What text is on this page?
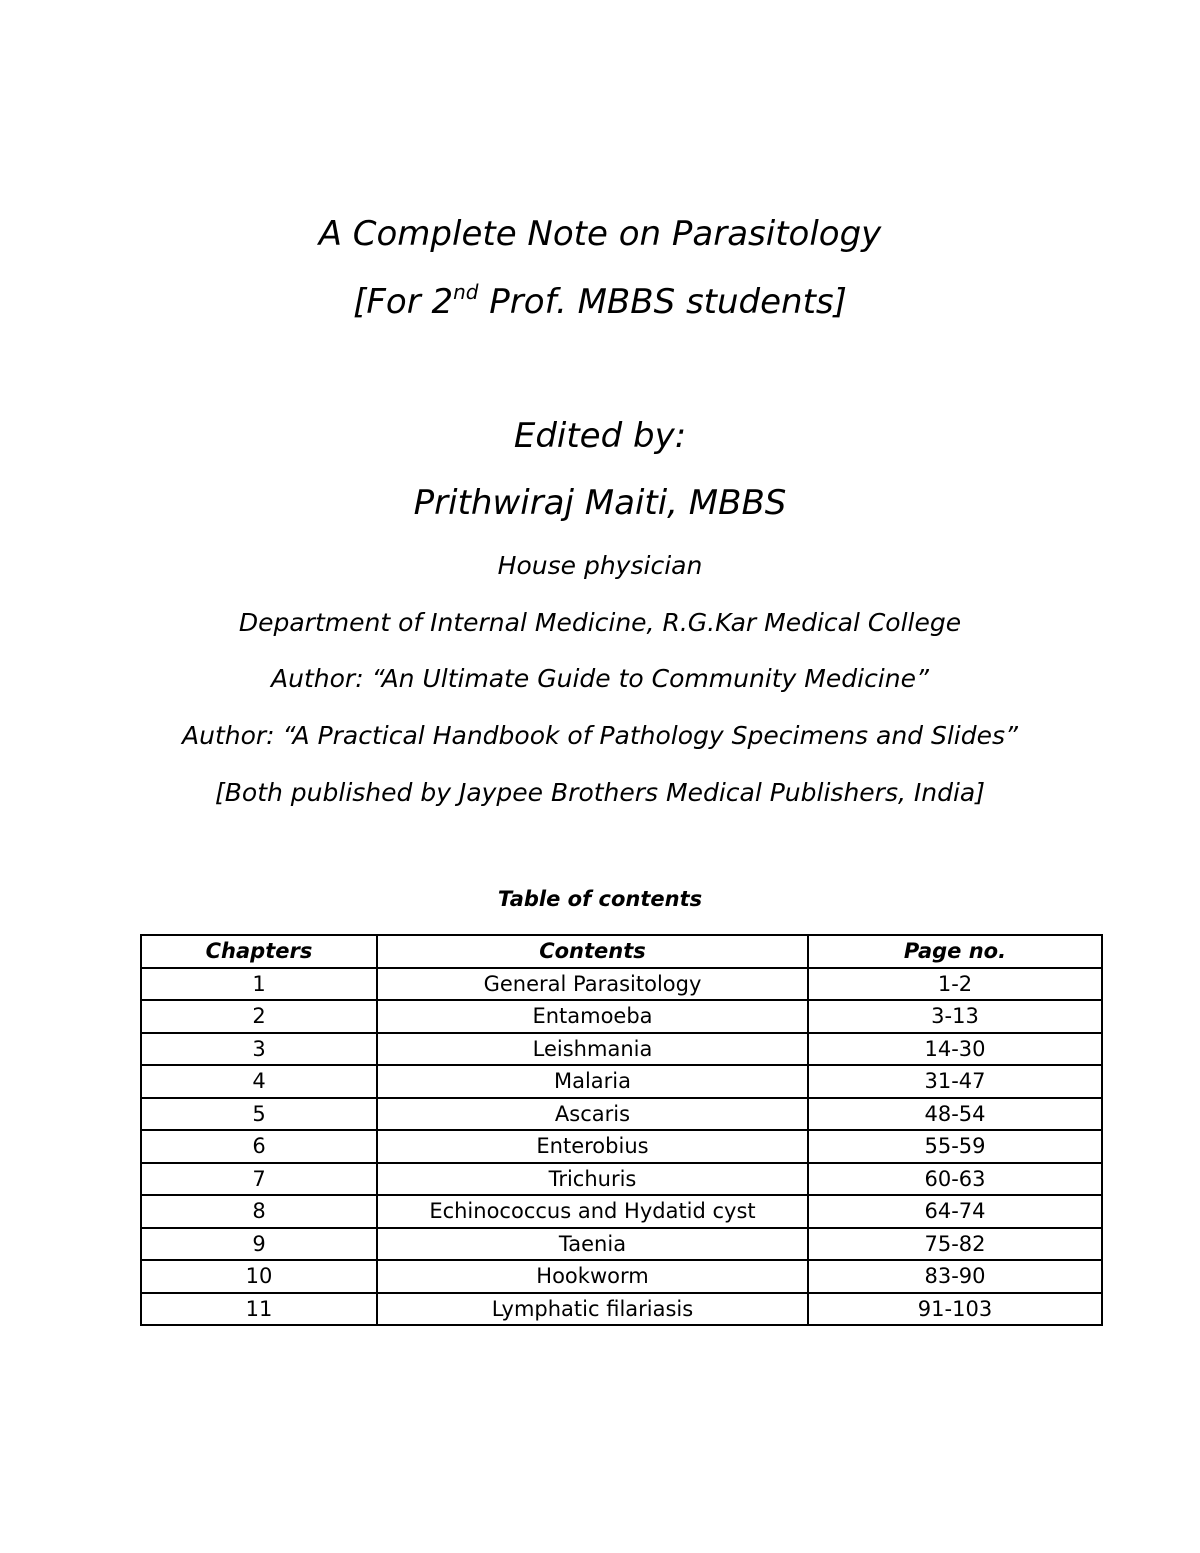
A Complete Note on Parasitology
[For 2nd Prof. MBBS students]
Edited by:
Prithwiraj Maiti, MBBS
House physician
Department of Internal Medicine, R.G.Kar Medical College
Author: “An Ultimate Guide to Community Medicine”
Author: “A Practical Handbook of Pathology Specimens and Slides”
[Both published by Jaypee Brothers Medical Publishers, India]
Table of contents
Chapters	Contents	Page no.
1	General Parasitology	1-2
2	Entamoeba	3-13
3	Leishmania	14-30
4	Malaria	31-47
5	Ascaris	48-54
6	Enterobius	55-59
7	Trichuris	60-63
8	Echinococcus and Hydatid cyst	64-74
9	Taenia	75-82
10	Hookworm	83-90
11	Lymphatic filariasis	91-103
